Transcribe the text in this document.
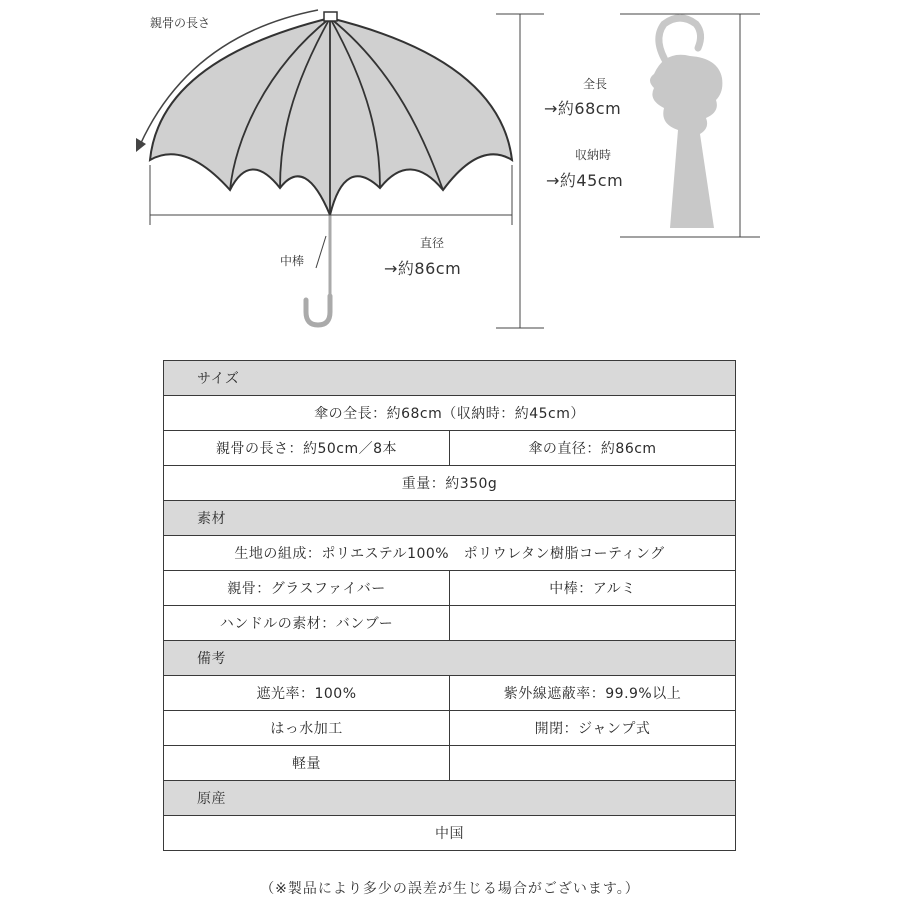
親骨の長さ
中棒
直径
→約86cm
全長
→約68cm
収納時
→約45cm
サイズ	
傘の全長：約68cm（収納時：約45cm）	
親骨の長さ：約50cm／8本	傘の直径：約86cm
重量：約350g	
素材	
生地の組成：ポリエステル100%　ポリウレタン樹脂コーティング	
親骨：グラスファイバー	中棒：アルミ
ハンドルの素材：バンブー	
備考	
遮光率：100%	紫外線遮蔽率：99.9%以上
はっ水加工	開閉：ジャンプ式
軽量	
原産	
中国	
（※製品により多少の誤差が生じる場合がございます。）
